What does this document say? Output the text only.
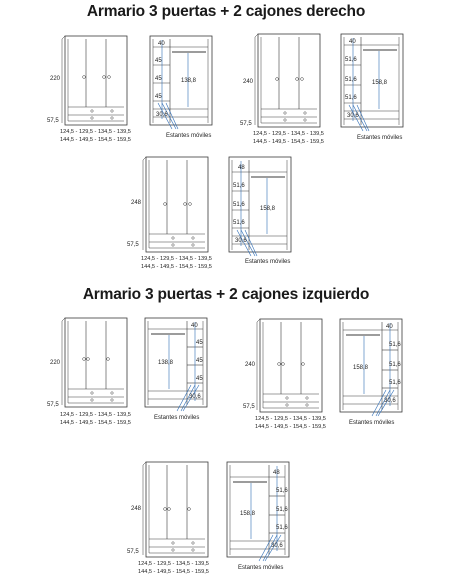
Armario 3 puertas + 2 cajones derecho
Armario 3 puertas + 2 cajones izquierdo
220
57,5
124,5 - 129,5 - 134,5 - 139,5
144,5 - 149,5 - 154,5 - 159,5
40
45
45
45
138,8
30,6
Estantes móviles
240
57,5
124,5 - 129,5 - 134,5 - 139,5
144,5 - 149,5 - 154,5 - 159,5
40
51,6
51,6
51,6
158,8
30,6
Estantes móviles
248
57,5
124,5 - 129,5 - 134,5 - 139,5
144,5 - 149,5 - 154,5 - 159,5
48
51,6
51,6
51,6
158,8
30,6
Estantes móviles
220
57,5
124,5 - 129,5 - 134,5 - 139,5
144,5 - 149,5 - 154,5 - 159,5
40
45
45
45
138,8
30,6
Estantes móviles
240
57,5
124,5 - 129,5 - 134,5 - 139,5
144,5 - 149,5 - 154,5 - 159,5
40
51,6
51,6
51,6
158,8
30,6
Estantes móviles
248
57,5
124,5 - 129,5 - 134,5 - 139,5
144,5 - 149,5 - 154,5 - 159,5
48
51,6
51,6
51,6
158,8
30,6
Estantes móviles
